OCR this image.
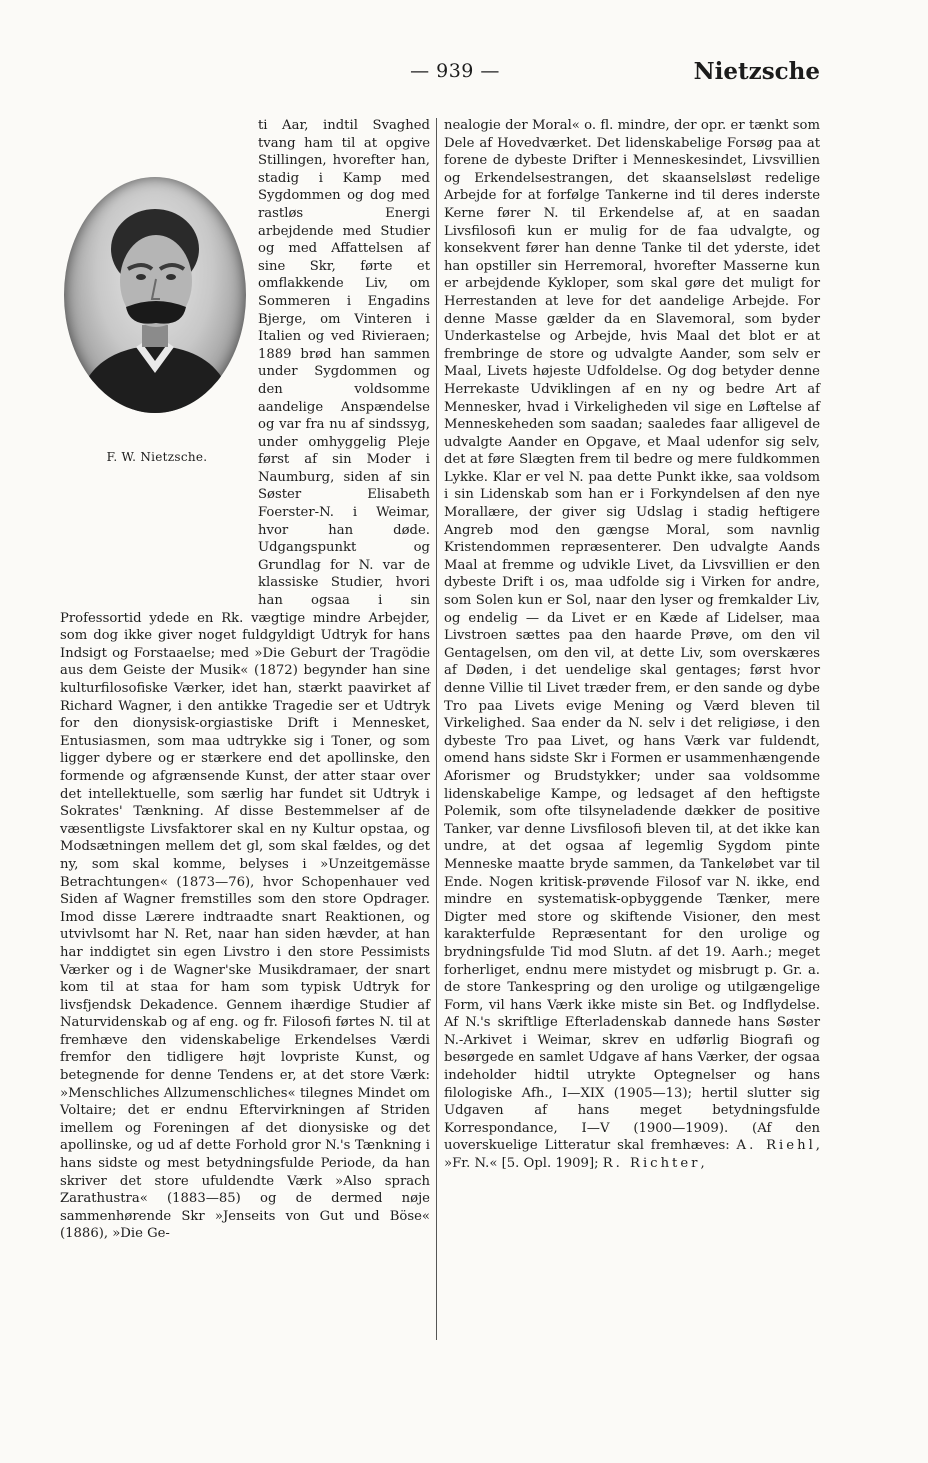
— 939 —	Nietzsche
F. W. Nietzsche.

ti Aar, indtil Svaghed tvang ham til at opgive Stillingen, hvorefter han, stadig i Kamp med Sygdommen og dog med rastløs Energi arbejdende med Studier og med Affattelsen af sine Skr, førte et omflakkende Liv, om Sommeren i Engadins Bjerge, om Vinteren i Italien og ved Rivieraen; 1889 brød han sammen under Sygdommen og den voldsomme aandelige Anspændelse og var fra nu af sindssyg, under omhyggelig Pleje først af sin Moder i Naumburg, siden af sin Søster Elisabeth Foerster-N. i Weimar, hvor han døde. Udgangspunkt og Grundlag for N. var de klassiske Studier, hvori han ogsaa i sin Professortid ydede en Rk. vægtige mindre Arbejder, som dog ikke giver noget fuldgyldigt Udtryk for hans Indsigt og Forstaaelse; med »Die Geburt der Tragödie aus dem Geiste der Musik« (1872) begynder han sine kulturfilosofiske Værker, idet han, stærkt paavirket af Richard Wagner, i den antikke Tragedie ser et Udtryk for den dionysisk-orgiastiske Drift i Mennesket, Entusiasmen, som maa udtrykke sig i Toner, og som ligger dybere og er stærkere end det apollinske, den formende og afgrænsende Kunst, der atter staar over det intellektuelle, som særlig har fundet sit Udtryk i Sokrates' Tænkning. Af disse Bestemmelser af de væsentligste Livsfaktorer skal en ny Kultur opstaa, og Modsætningen mellem det gl, som skal fældes, og det ny, som skal komme, belyses i »Unzeitgemässe Betrachtungen« (1873—76), hvor Schopenhauer ved Siden af Wagner fremstilles som den store Opdrager. Imod disse Lærere indtraadte snart Reaktionen, og utvivlsomt har N. Ret, naar han siden hævder, at han har inddigtet sin egen Livstro i den store Pessimists Værker og i de Wagner'ske Musikdramaer, der snart kom til at staa for ham som typisk Udtryk for livsfjendsk Dekadence. Gennem ihærdige Studier af Naturvidenskab og af eng. og fr. Filosofi førtes N. til at fremhæve den videnskabelige Erkendelses Værdi fremfor den tidligere højt lovpriste Kunst, og betegnende for denne Tendens er, at det store Værk: »Menschliches Allzumenschliches« tilegnes Mindet om Voltaire; det er endnu Eftervirkningen af Striden imellem og Foreningen af det dionysiske og det apollinske, og ud af dette Forhold gror N.'s Tænkning i hans sidste og mest betydningsfulde Periode, da han skriver det store ufuldendte Værk »Also sprach Zarathustra« (1883—85) og de dermed nøje sammenhørende Skr »Jenseits von Gut und Böse« (1886), »Die Ge-

nealogie der Moral« o. fl. mindre, der opr. er tænkt som Dele af Hovedværket. Det lidenskabelige Forsøg paa at forene de dybeste Drifter i Menneskesindet, Livsvillien og Erkendelsestrangen, det skaanselsløst redelige Arbejde for at forfølge Tankerne ind til deres inderste Kerne fører N. til Erkendelse af, at en saadan Livsfilosofi kun er mulig for de faa udvalgte, og konsekvent fører han denne Tanke til det yderste, idet han opstiller sin Herremoral, hvorefter Masserne kun er arbejdende Kykloper, som skal gøre det muligt for Herrestanden at leve for det aandelige Arbejde. For denne Masse gælder da en Slavemoral, som byder Underkastelse og Arbejde, hvis Maal det blot er at frembringe de store og udvalgte Aander, som selv er Maal, Livets højeste Udfoldelse. Og dog betyder denne Herrekaste Udviklingen af en ny og bedre Art af Mennesker, hvad i Virkeligheden vil sige en Løftelse af Menneskeheden som saadan; saaledes faar alligevel de udvalgte Aander en Opgave, et Maal udenfor sig selv, det at føre Slægten frem til bedre og mere fuldkommen Lykke. Klar er vel N. paa dette Punkt ikke, saa voldsom i sin Lidenskab som han er i Forkyndelsen af den nye Morallære, der giver sig Udslag i stadig heftigere Angreb mod den gængse Moral, som navnlig Kristendommen repræsenterer. Den udvalgte Aands Maal at fremme og udvikle Livet, da Livsvillien er den dybeste Drift i os, maa udfolde sig i Virken for andre, som Solen kun er Sol, naar den lyser og fremkalder Liv, og endelig — da Livet er en Kæde af Lidelser, maa Livstroen sættes paa den haarde Prøve, om den vil Gentagelsen, om den vil, at dette Liv, som overskæres af Døden, i det uendelige skal gentages; først hvor denne Villie til Livet træder frem, er den sande og dybe Tro paa Livets evige Mening og Værd bleven til Virkelighed. Saa ender da N. selv i det religiøse, i den dybeste Tro paa Livet, og hans Værk var fuldendt, omend hans sidste Skr i Formen er usammenhængende Aforismer og Brudstykker; under saa voldsomme lidenskabelige Kampe, og ledsaget af den heftigste Polemik, som ofte tilsyneladende dækker de positive Tanker, var denne Livsfilosofi bleven til, at det ikke kan undre, at det ogsaa af legemlig Sygdom pinte Menneske maatte bryde sammen, da Tankeløbet var til Ende. Nogen kritisk-prøvende Filosof var N. ikke, end mindre en systematisk-opbyggende Tænker, mere Digter med store og skiftende Visioner, den mest karakterfulde Repræsentant for den urolige og brydningsfulde Tid mod Slutn. af det 19. Aarh.; meget forherliget, endnu mere mistydet og misbrugt p. Gr. a. de store Tankespring og den urolige og utilgængelige Form, vil hans Værk ikke miste sin Bet. og Indflydelse. Af N.'s skriftlige Efterladenskab dannede hans Søster N.-Arkivet i Weimar, skrev en udførlig Biografi og besørgede en samlet Udgave af hans Værker, der ogsaa indeholder hidtil utrykte Optegnelser og hans filologiske Afh., I—XIX (1905—13); hertil slutter sig Udgaven af hans meget betydningsfulde Korrespondance, I—V (1900—1909). (Af den uoverskuelige Litteratur skal fremhæves: A. Riehl, »Fr. N.« [5. Opl. 1909]; R. Richter,
